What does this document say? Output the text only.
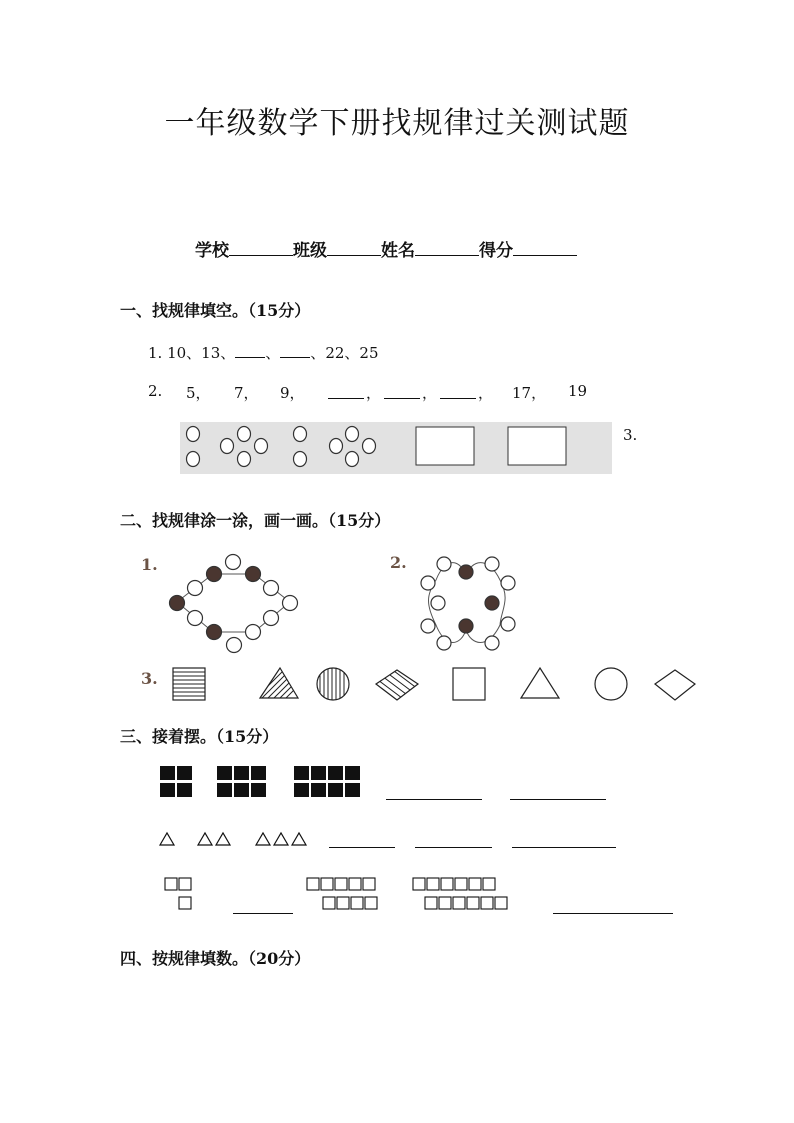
一年级数学下册找规律过关测试题
学校	班级	姓名	得分
一、找规律填空。（15分）
1. 10、13、 、 、22、25
2. 5， 7， 9，	，	，	， 17， 19
3.
二、找规律涂一涂，画一画。（15分）
1.	2.
3.
三、接着摆。（15分）
四、按规律填数。（20分）
